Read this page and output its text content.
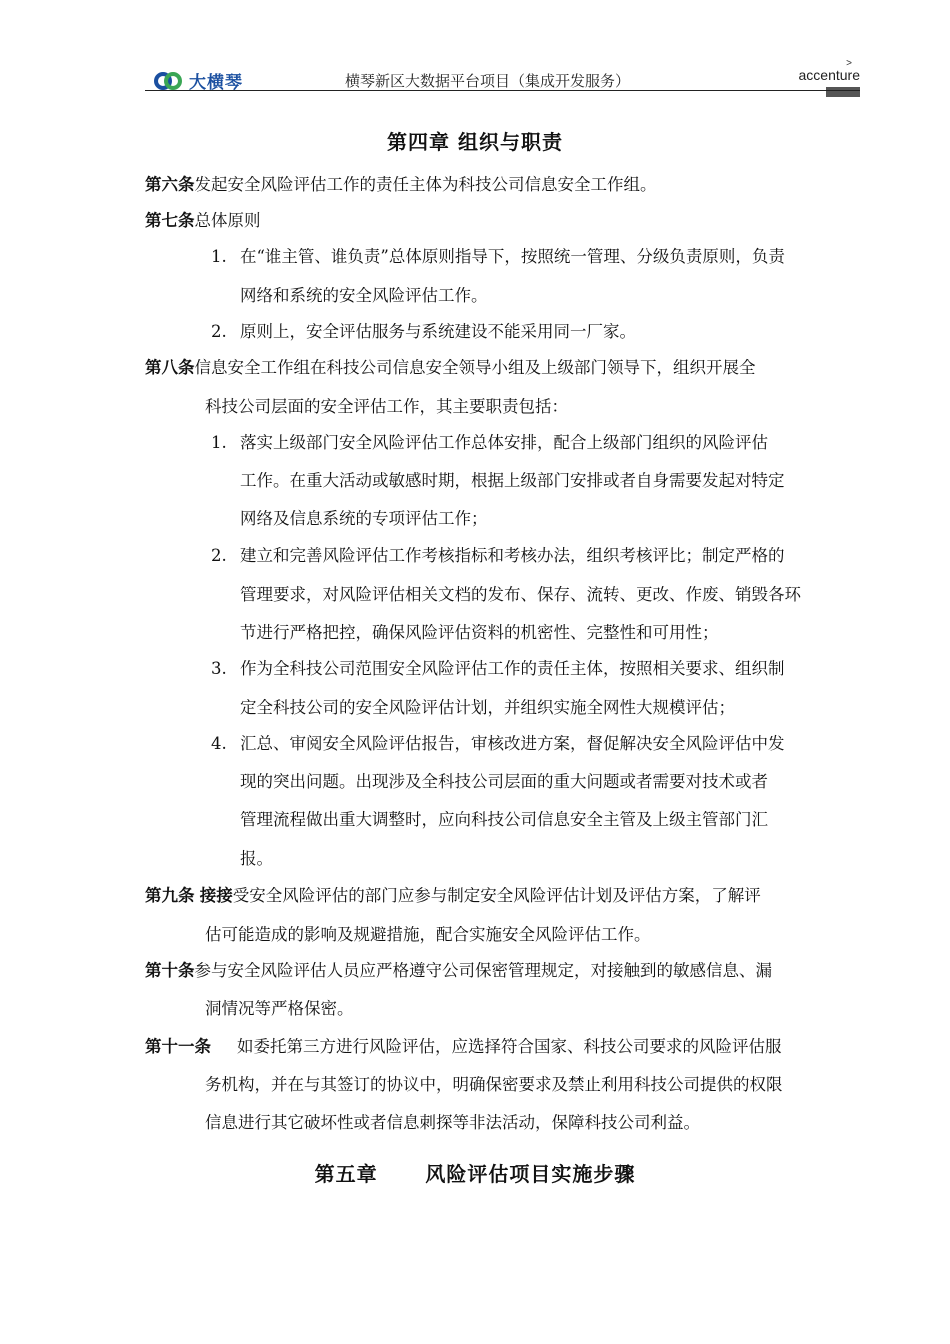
大横琴	横琴新区大数据平台项目（集成开发服务）
>
accenture
第四章 组织与职责
第六条发起安全风险评估工作的责任主体为科技公司信息安全工作组。
第七条总体原则
1. 在“谁主管、谁负责”总体原则指导下，按照统一管理、分级负责原则，负责
网络和系统的安全风险评估工作。
2. 原则上，安全评估服务与系统建设不能采用同一厂家。
第八条信息安全工作组在科技公司信息安全领导小组及上级部门领导下，组织开展全
科技公司层面的安全评估工作，其主要职责包括：
1. 落实上级部门安全风险评估工作总体安排，配合上级部门组织的风险评估
工作。在重大活动或敏感时期，根据上级部门安排或者自身需要发起对特定
网络及信息系统的专项评估工作；
2. 建立和完善风险评估工作考核指标和考核办法，组织考核评比；制定严格的
管理要求，对风险评估相关文档的发布、保存、流转、更改、作废、销毁各环
节进行严格把控，确保风险评估资料的机密性、完整性和可用性；
3. 作为全科技公司范围安全风险评估工作的责任主体，按照相关要求、组织制
定全科技公司的安全风险评估计划，并组织实施全网性大规模评估；
4. 汇总、审阅安全风险评估报告，审核改进方案，督促解决安全风险评估中发
现的突出问题。出现涉及全科技公司层面的重大问题或者需要对技术或者
管理流程做出重大调整时，应向科技公司信息安全主管及上级主管部门汇
报。
第九条 接接受安全风险评估的部门应参与制定安全风险评估计划及评估方案，了解评
估可能造成的影响及规避措施，配合实施安全风险评估工作。
第十条参与安全风险评估人员应严格遵守公司保密管理规定，对接触到的敏感信息、漏
洞情况等严格保密。
第十一条 如委托第三方进行风险评估，应选择符合国家、科技公司要求的风险评估服
务机构，并在与其签订的协议中，明确保密要求及禁止利用科技公司提供的权限
信息进行其它破坏性或者信息刺探等非法活动，保障科技公司利益。
第五章      风险评估项目实施步骤
